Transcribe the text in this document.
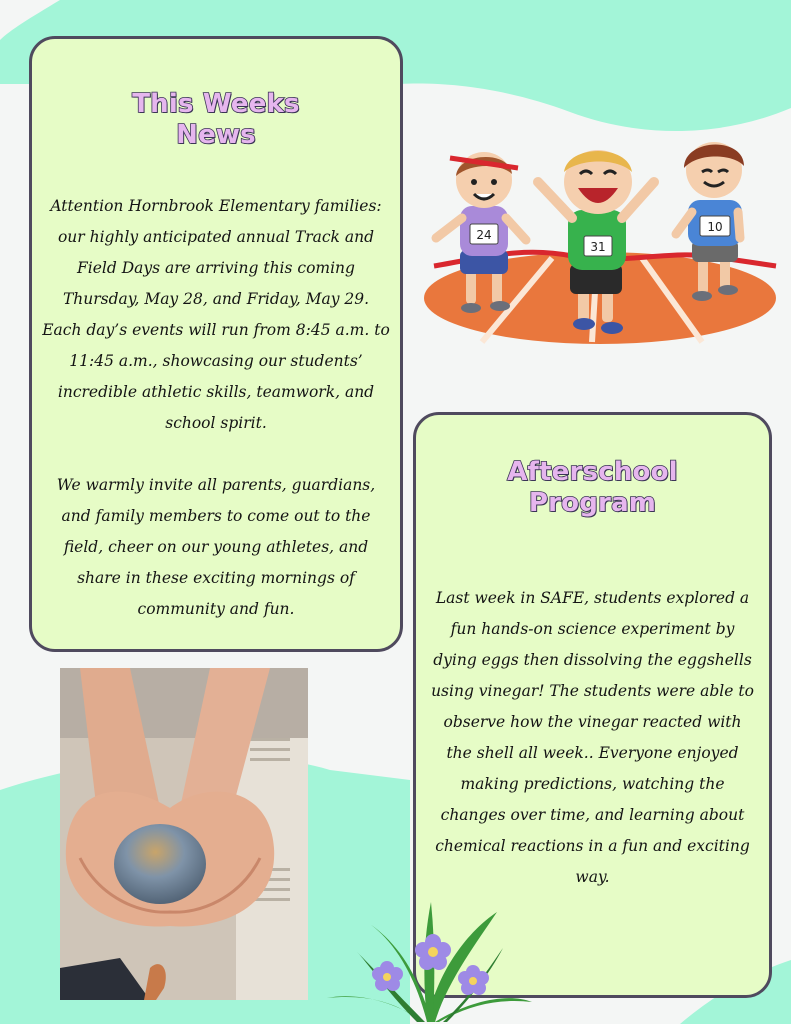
This Weeks
News

Attention Hornbrook Elementary families: our highly anticipated annual Track and Field Days are arriving this coming Thursday, May 28, and Friday, May 29. Each day’s events will run from 8:45 a.m. to 11:45 a.m., showcasing our students’ incredible athletic skills, teamwork, and school spirit.

We warmly invite all parents, guardians, and family members to come out to the field, cheer on our young athletes, and share in these exciting mornings of community and fun.

24
31
10
Afterschool
Program

Last week in SAFE, students explored a fun hands-on science experiment by dying eggs then dissolving the eggshells using vinegar! The students were able to observe how the vinegar reacted with the shell all week.. Everyone enjoyed making predictions, watching the changes over time, and learning about chemical reactions in a fun and exciting way.
